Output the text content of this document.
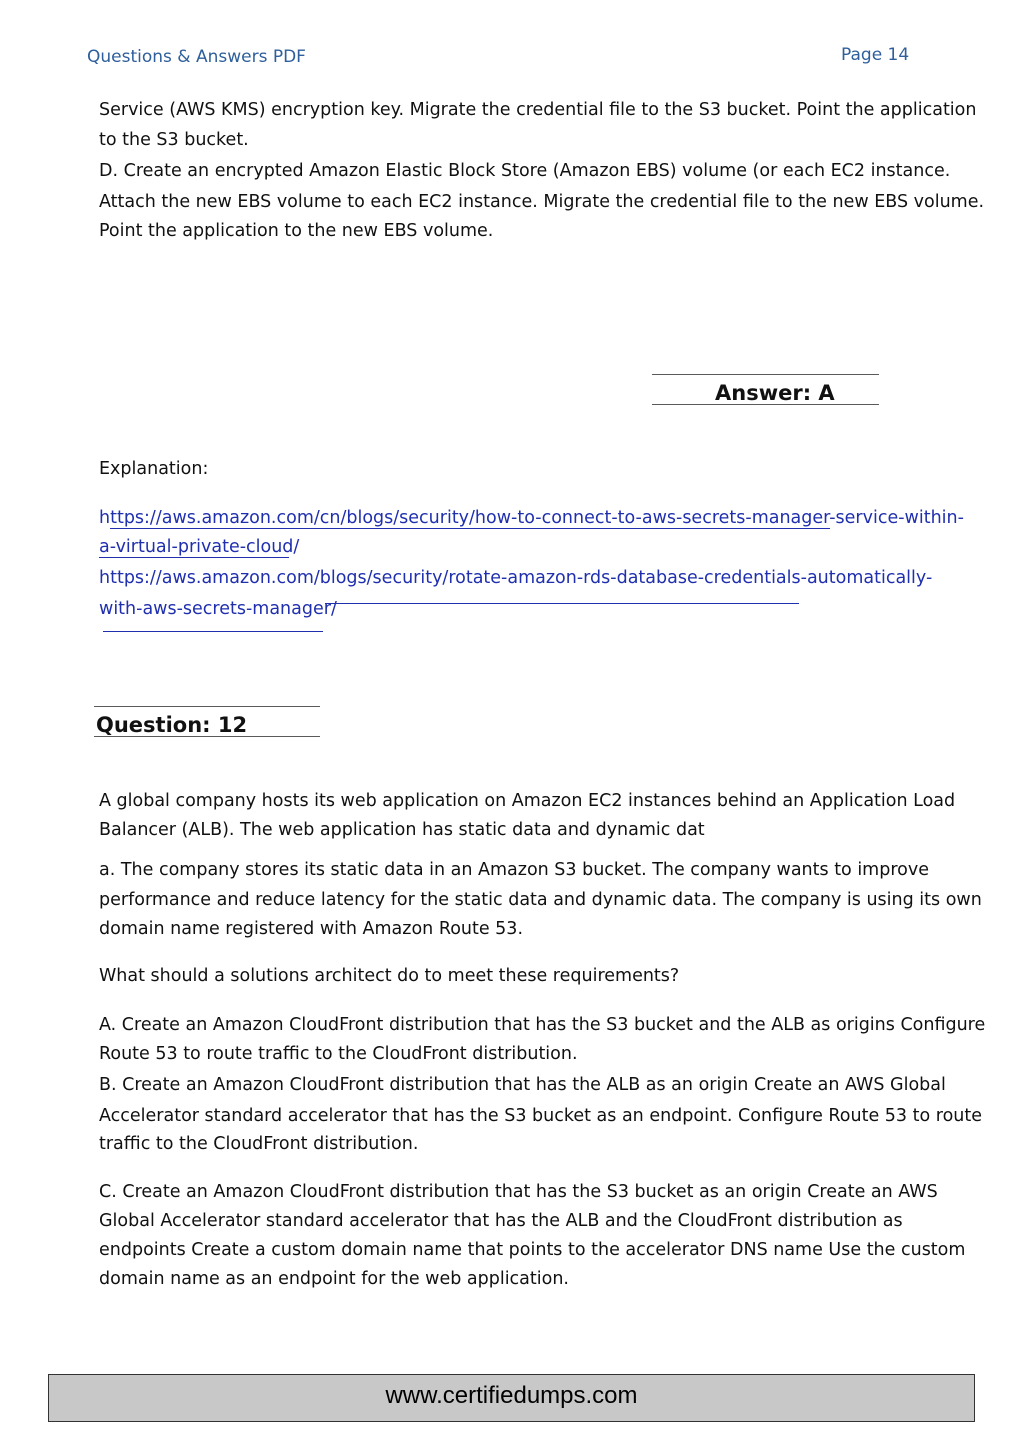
Questions & Answers PDF	Page 14
Service (AWS KMS) encryption key. Migrate the credential file to the S3 bucket. Point the application
to the S3 bucket.
D. Create an encrypted Amazon Elastic Block Store (Amazon EBS) volume (or each EC2 instance.
Attach the new EBS volume to each EC2 instance. Migrate the credential file to the new EBS volume.
Point the application to the new EBS volume.
Answer: A
Explanation:
https://aws.amazon.com/cn/blogs/security/how-to-connect-to-aws-secrets-manager-service-within-
a-virtual-private-cloud/
https://aws.amazon.com/blogs/security/rotate-amazon-rds-database-credentials-automatically-
with-aws-secrets-manager/
Question: 12
A global company hosts its web application on Amazon EC2 instances behind an Application Load
Balancer (ALB). The web application has static data and dynamic dat
a. The company stores its static data in an Amazon S3 bucket. The company wants to improve
performance and reduce latency for the static data and dynamic data. The company is using its own
domain name registered with Amazon Route 53.
What should a solutions architect do to meet these requirements?
A. Create an Amazon CloudFront distribution that has the S3 bucket and the ALB as origins Configure
Route 53 to route traffic to the CloudFront distribution.
B. Create an Amazon CloudFront distribution that has the ALB as an origin Create an AWS Global
Accelerator standard accelerator that has the S3 bucket as an endpoint. Configure Route 53 to route
traffic to the CloudFront distribution.
C. Create an Amazon CloudFront distribution that has the S3 bucket as an origin Create an AWS
Global Accelerator standard accelerator that has the ALB and the CloudFront distribution as
endpoints Create a custom domain name that points to the accelerator DNS name Use the custom
domain name as an endpoint for the web application.
www.certifiedumps.com
